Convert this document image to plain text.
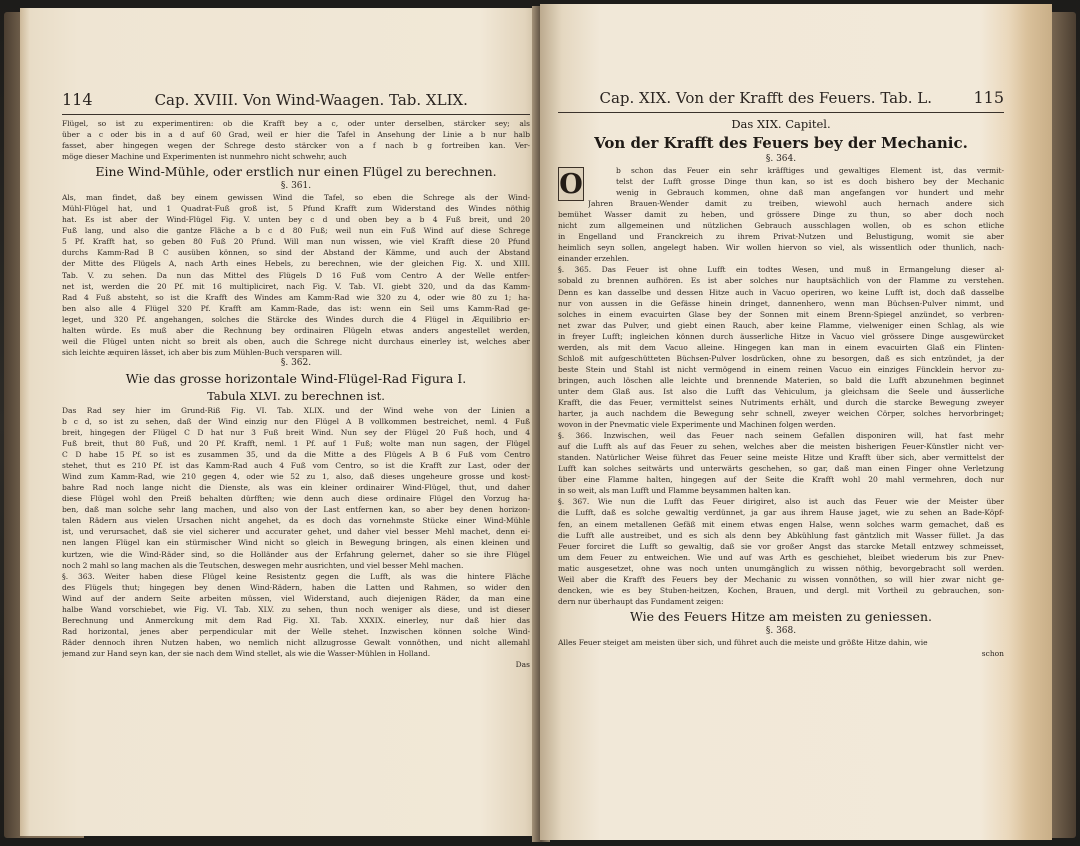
114	Cap. XVIII. Von Wind-Waagen. Tab. XLIX.
Flügel, so ist zu experimentiren: ob die Krafft bey a c, oder unter derselben, stärcker sey; als
über a c oder bis in a d auf 60 Grad, weil er hier die Tafel in Ansehung der Linie a b nur halb
fasset, aber hingegen wegen der Schrege desto stärcker von a f nach b g fortreiben kan. Ver-
möge dieser Machine und Experimenten ist nunmehro nicht schwehr, auch
Eine Wind-Mühle, oder erstlich nur einen Flügel zu berechnen.
§. 361.
Als, man findet, daß bey einem gewissen Wind die Tafel, so eben die Schrege als der Wind-
Mühl-Flügel hat, und 1 Quadrat-Fuß groß ist, 5 Pfund Krafft zum Widerstand des Windes nöthig
hat. Es ist aber der Wind-Flügel Fig. V. unten bey c d und oben bey a b 4 Fuß breit, und 20
Fuß lang, und also die gantze Fläche a b c d 80 Fuß; weil nun ein Fuß Wind auf diese Schrege
5 Pf. Krafft hat, so geben 80 Fuß 20 Pfund. Will man nun wissen, wie viel Krafft diese 20 Pfund
durchs Kamm-Rad B C ausüben können, so sind der Abstand der Kämme, und auch der Abstand
der Mitte des Flügels A, nach Arth eines Hebels, zu berechnen, wie der gleichen Fig. X. und XIII.
Tab. V. zu sehen. Da nun das Mittel des Flügels D 16 Fuß vom Centro A der Welle entfer-
net ist, werden die 20 Pf. mit 16 multipliciret, nach Fig. V. Tab. VI. giebt 320, und da das Kamm-
Rad 4 Fuß absteht, so ist die Krafft des Windes am Kamm-Rad wie 320 zu 4, oder wie 80 zu 1; ha-
ben also alle 4 Flügel 320 Pf. Krafft am Kamm-Rade, das ist: wenn ein Seil ums Kamm-Rad ge-
leget, und 320 Pf. angehangen, solches die Stärcke des Windes durch die 4 Flügel in Æquilibrio er-
halten würde. Es muß aber die Rechnung bey ordinairen Flügeln etwas anders angestellet werden,
weil die Flügel unten nicht so breit als oben, auch die Schrege nicht durchaus einerley ist, welches aber
sich leichte æquiren lässet, ich aber bis zum Mühlen-Buch versparen will.
§. 362.
Wie das grosse horizontale Wind-Flügel-Rad Figura I.
Tabula XLVI. zu berechnen ist.
Das Rad sey hier im Grund-Riß Fig. VI. Tab. XLIX. und der Wind wehe von der Linien a
b c d, so ist zu sehen, daß der Wind einzig nur den Flügel A B vollkommen bestreichet, neml. 4 Fuß
breit, hingegen der Flügel C D hat nur 3 Fuß breit Wind. Nun sey der Flügel 20 Fuß hoch, und 4
Fuß breit, thut 80 Fuß, und 20 Pf. Krafft, neml. 1 Pf. auf 1 Fuß; wolte man nun sagen, der Flügel
C D habe 15 Pf. so ist es zusammen 35, und da die Mitte a des Flügels A B 6 Fuß vom Centro
stehet, thut es 210 Pf. ist das Kamm-Rad auch 4 Fuß vom Centro, so ist die Krafft zur Last, oder der
Wind zum Kamm-Rad, wie 210 gegen 4, oder wie 52 zu 1, also, daß dieses ungeheure grosse und kost-
bahre Rad noch lange nicht die Dienste, als was ein kleiner ordinairer Wind-Flügel, thut, und daher
diese Flügel wohl den Preiß behalten dürfften; wie denn auch diese ordinaire Flügel den Vorzug ha-
ben, daß man solche sehr lang machen, und also von der Last entfernen kan, so aber bey denen horizon-
talen Rädern aus vielen Ursachen nicht angehet, da es doch das vornehmste Stücke einer Wind-Mühle
ist, und verursachet, daß sie viel sicherer und accurater gehet, und daher viel besser Mehl machet, denn ei-
nen langen Flügel kan ein stürmischer Wind nicht so gleich in Bewegung bringen, als einen kleinen und
kurtzen, wie die Wind-Räder sind, so die Holländer aus der Erfahrung gelernet, daher so sie ihre Flügel
noch 2 mahl so lang machen als die Teutschen, deswegen mehr ausrichten, und viel besser Mehl machen.
§. 363. Weiter haben diese Flügel keine Resistentz gegen die Lufft, als was die hintere Fläche
des Flügels thut; hingegen bey denen Wind-Rädern, haben die Latten und Rahmen, so wider den
Wind auf der andern Seite arbeiten müssen, viel Widerstand, auch diejenigen Räder, da man eine
halbe Wand vorschiebet, wie Fig. VI. Tab. XLV. zu sehen, thun noch weniger als diese, und ist dieser
Berechnung und Anmerckung mit dem Rad Fig. XI. Tab. XXXIX. einerley, nur daß hier das
Rad horizontal, jenes aber perpendicular mit der Welle stehet. Inzwischen können solche Wind-
Räder dennoch ihren Nutzen haben, wo nemlich nicht allzugrosse Gewalt vonnöthen, und nicht allemahl
jemand zur Hand seyn kan, der sie nach dem Wind stellet, als wie die Wasser-Mühlen in Holland.
Das
Cap. XIX. Von der Krafft des Feuers. Tab. L.	115
Das XIX. Capitel.
Von der Krafft des Feuers bey der Mechanic.
§. 364.
O	b schon das Feuer ein sehr kräfftiges und gewaltiges Element ist, das vermit-
telst der Lufft grosse Dinge thun kan, so ist es doch bishero bey der Mechanic
wenig in Gebrauch kommen, ohne daß man angefangen vor hundert und mehr
Jahren Brauen-Wender damit zu treiben, wiewohl auch hernach andere sich
bemühet Wasser damit zu heben, und grössere Dinge zu thun, so aber doch noch
nicht zum allgemeinen und nützlichen Gebrauch ausschlagen wollen, ob es schon etliche
in Engelland und Franckreich zu ihrem Privat-Nutzen und Belustigung, womit sie aber
heimlich seyn sollen, angelegt haben. Wir wollen hiervon so viel, als wissentlich oder thunlich, nach-
einander erzehlen.
§. 365. Das Feuer ist ohne Lufft ein todtes Wesen, und muß in Ermangelung dieser al-
sobald zu brennen aufhören. Es ist aber solches nur hauptsächlich von der Flamme zu verstehen.
Denn es kan dasselbe und dessen Hitze auch in Vacuo operiren, wo keine Lufft ist, doch daß dasselbe
nur von aussen in die Gefässe hinein dringet, dannenhero, wenn man Büchsen-Pulver nimmt, und
solches in einem evacuirten Glase bey der Sonnen mit einem Brenn-Spiegel anzündet, so verbren-
net zwar das Pulver, und giebt einen Rauch, aber keine Flamme, vielweniger einen Schlag, als wie
in freyer Lufft; ingleichen können durch äusserliche Hitze in Vacuo viel grössere Dinge ausgewürcket
werden, als mit dem Vacuo alleine. Hingegen kan man in einem evacuirten Glaß ein Flinten-
Schloß mit aufgeschütteten Büchsen-Pulver losdrücken, ohne zu besorgen, daß es sich entzündet, ja der
beste Stein und Stahl ist nicht vermögend in einem reinen Vacuo ein einziges Füncklein hervor zu-
bringen, auch löschen alle leichte und brennende Materien, so bald die Lufft abzunehmen beginnet
unter dem Glaß aus. Ist also die Lufft das Vehiculum, ja gleichsam die Seele und äusserliche
Krafft, die das Feuer, vermittelst seines Nutriments erhält, und durch die starcke Bewegung zweyer
harter, ja auch nachdem die Bewegung sehr schnell, zweyer weichen Cörper, solches hervorbringet;
wovon in der Pnevmatic viele Experimente und Machinen folgen werden.
§. 366. Inzwischen, weil das Feuer nach seinem Gefallen disponiren will, hat fast mehr
auf die Lufft als auf das Feuer zu sehen, welches aber die meisten bisherigen Feuer-Künstler nicht ver-
standen. Natürlicher Weise führet das Feuer seine meiste Hitze und Krafft über sich, aber vermittelst der
Lufft kan solches seitwärts und unterwärts geschehen, so gar, daß man einen Finger ohne Verletzung
über eine Flamme halten, hingegen auf der Seite die Krafft wohl 20 mahl vermehren, doch nur
in so weit, als man Lufft und Flamme beysammen halten kan.
§. 367. Wie nun die Lufft das Feuer dirigiret, also ist auch das Feuer wie der Meister über
die Lufft, daß es solche gewaltig verdünnet, ja gar aus ihrem Hause jaget, wie zu sehen an Bade-Köpf-
fen, an einem metallenen Gefäß mit einem etwas engen Halse, wenn solches warm gemachet, daß es
die Lufft alle austreibet, und es sich als denn bey Abkühlung fast gäntzlich mit Wasser füllet. Ja das
Feuer forciret die Lufft so gewaltig, daß sie vor großer Angst das starcke Metall entzwey schmeisset,
um dem Feuer zu entweichen. Wie und auf was Arth es geschiehet, bleibet wiederum bis zur Pnev-
matic ausgesetzet, ohne was noch unten unumgänglich zu wissen nöthig, bevorgebracht soll werden.
Weil aber die Krafft des Feuers bey der Mechanic zu wissen vonnöthen, so will hier zwar nicht ge-
dencken, wie es bey Stuben-heitzen, Kochen, Brauen, und dergl. mit Vortheil zu gebrauchen, son-
dern nur überhaupt das Fundament zeigen:
Wie des Feuers Hitze am meisten zu geniessen.
§. 368.
Alles Feuer steiget am meisten über sich, und führet auch die meiste und größte Hitze dahin, wie
schon
